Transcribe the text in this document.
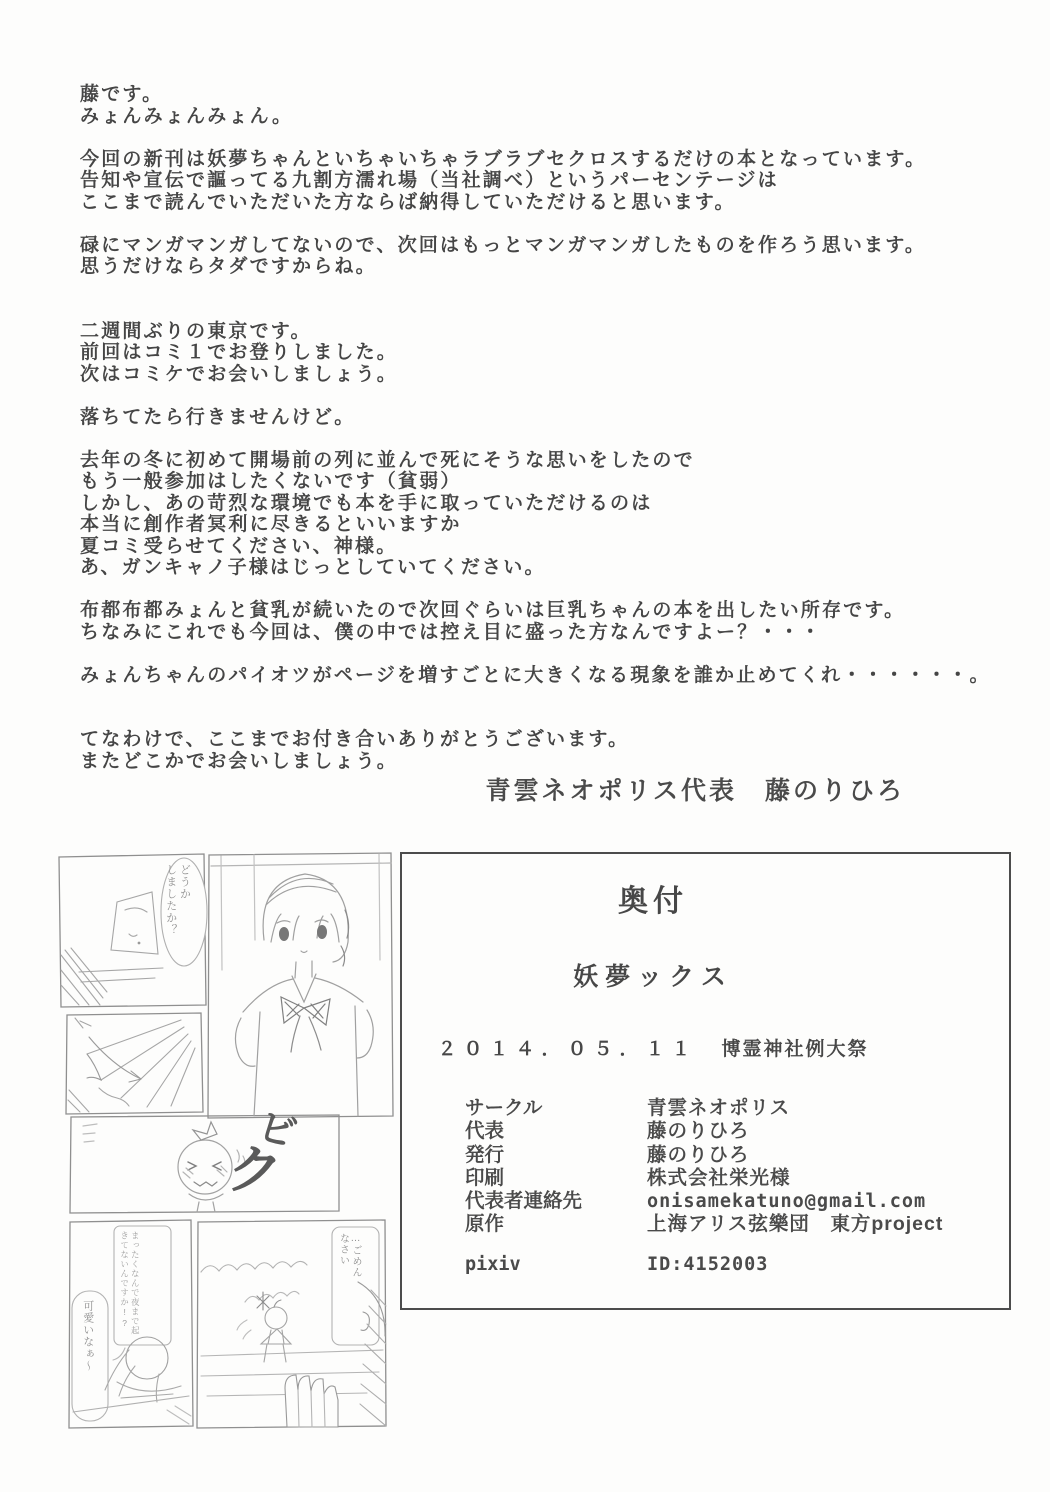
藤です。
みょんみょんみょん。
今回の新刊は妖夢ちゃんといちゃいちゃラブラブセクロスするだけの本となっています。
告知や宣伝で謳ってる九割方濡れ場（当社調べ）というパーセンテージは
ここまで読んでいただいた方ならば納得していただけると思います。
碌にマンガマンガしてないので、次回はもっとマンガマンガしたものを作ろう思います。
思うだけならタダですからね。
二週間ぶりの東京です。
前回はコミ１でお登りしました。
次はコミケでお会いしましょう。
落ちてたら行きませんけど。
去年の冬に初めて開場前の列に並んで死にそうな思いをしたので
もう一般参加はしたくないです（貧弱）
しかし、あの苛烈な環境でも本を手に取っていただけるのは
本当に創作者冥利に尽きるといいますか
夏コミ受らせてください、神様。
あ、ガンキャノ子様はじっとしていてください。
布都布都みょんと貧乳が続いたので次回ぐらいは巨乳ちゃんの本を出したい所存です。
ちなみにこれでも今回は、僕の中では控え目に盛った方なんですよー？・・・
みょんちゃんのパイオツがページを増すごとに大きくなる現象を誰か止めてくれ・・・・・・。
てなわけで、ここまでお付き合いありがとうございます。
またどこかでお会いしましょう。
青雲ネオポリス代表　藤のりひろ
どうか
しましたか？
まったくなんで夜まで起きてないんですか!?
可愛いなぁ～
…ごめん
なさい
ビ
ク
奥付
妖夢ックス
２０１４．０５．１１ 博霊神社例大祭
サークル	青雲ネオポリス
代表	藤のりひろ
発行	藤のりひろ
印刷	株式会社栄光様
代表者連絡先	onisamekatuno@gmail.com
原作	上海アリス弦樂団　東方project
pixiv	ID:4152003
